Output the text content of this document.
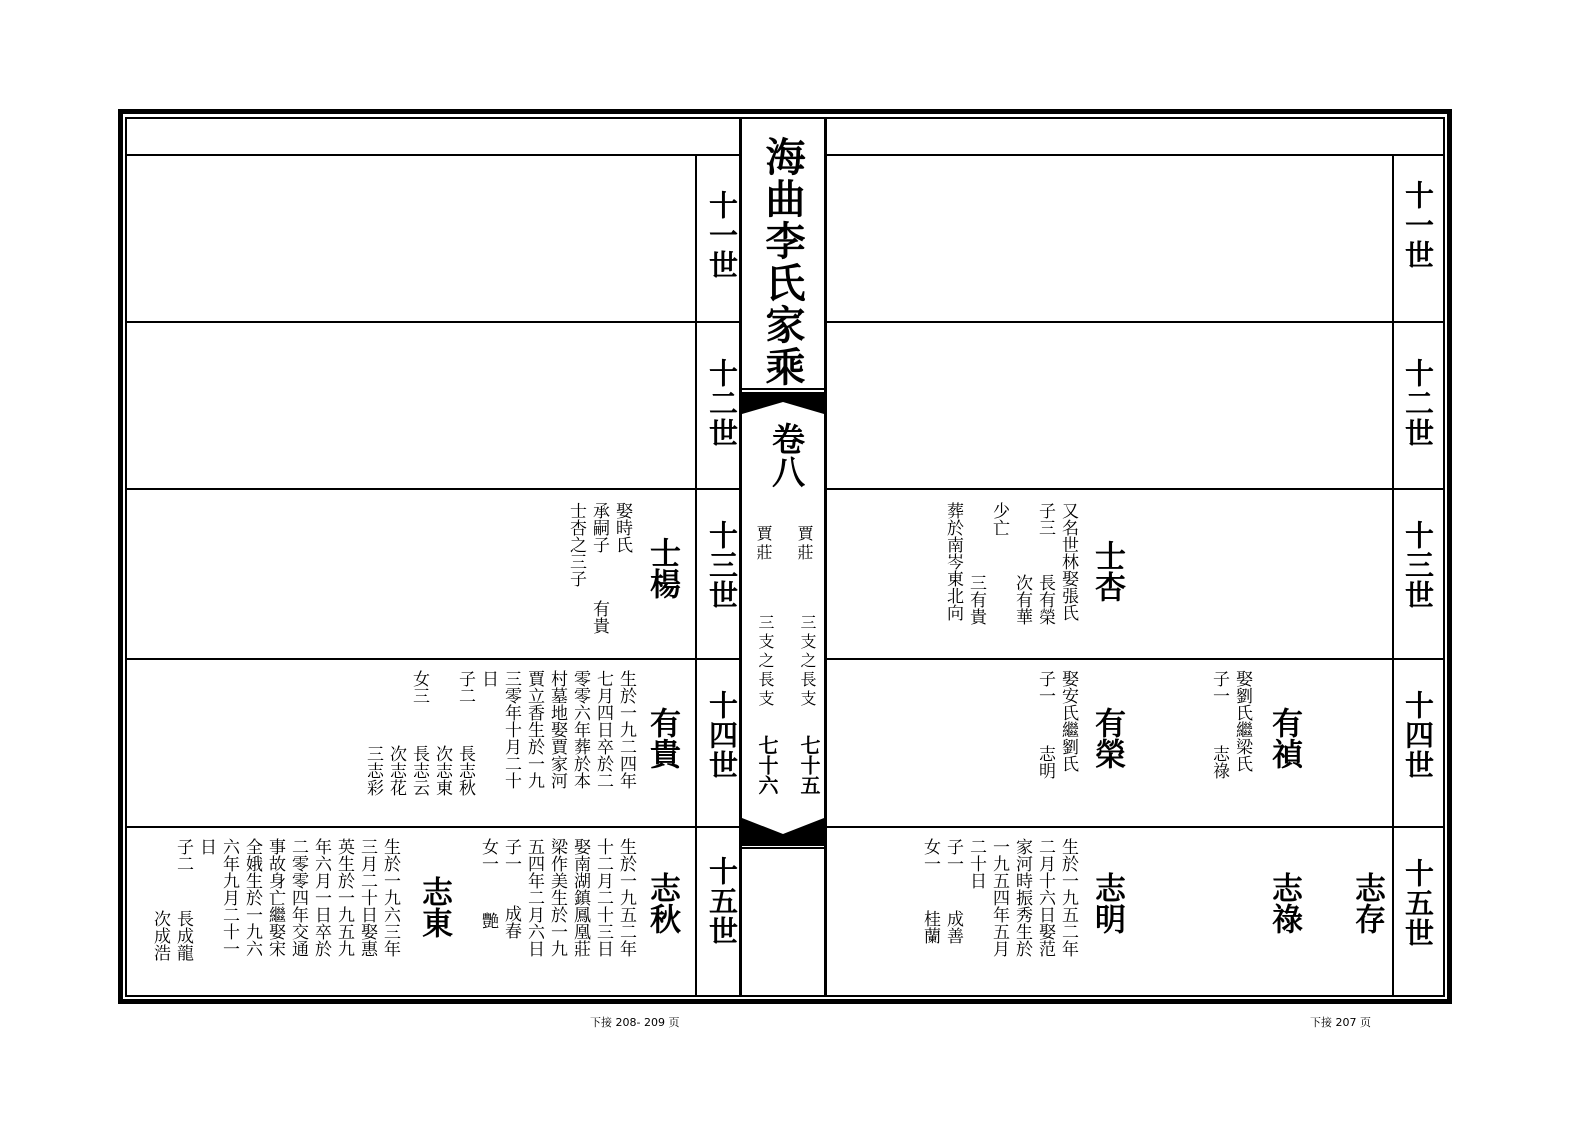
十一世
十二世
十三世
十四世
十五世
十一世
十二世
十三世
十四世
十五世
海曲李氏家乘
卷八
賈莊
賈莊
三支之長支
三支之長支
七十五
七十六
士楊
娶時氏
承嗣子
士杏之三子
有貴
有貴
生於一九二四年
七月四日卒於二
零零六年葬於本
村墓地娶賈家河
賈立香生於一九
三零年十月二十
日
子二
長志秋
次志東
女三
長志云
次志花
三志彩
志秋
生於一九五二年
十二月二十三日
娶南湖鎮鳳凰莊
梁作美生於一九
五四年二月六日
子一
成春
女一
艷
志東
生於一九六三年
三月二十日娶惠
英生於一九五九
年六月一日卒於
二零零四年交通
事故身亡繼娶宋
全娥生於一九六
六年九月二十一
日
子二
長成龍
次成浩
士杏
又名世林娶張氏
子三
長有榮
次有華
三有貴
少亡
葬於南岑東北向
有榮
娶安氏繼劉氏
子一
志明	有禎
娶劉氏繼梁氏
子一
志祿
志明
生於一九五二年
二月十六日娶范
家河時振秀生於
一九五四年五月
二十日
子一
成善
女一
桂蘭	志祿 志存
下接 208- 209 页	下接 207 页
